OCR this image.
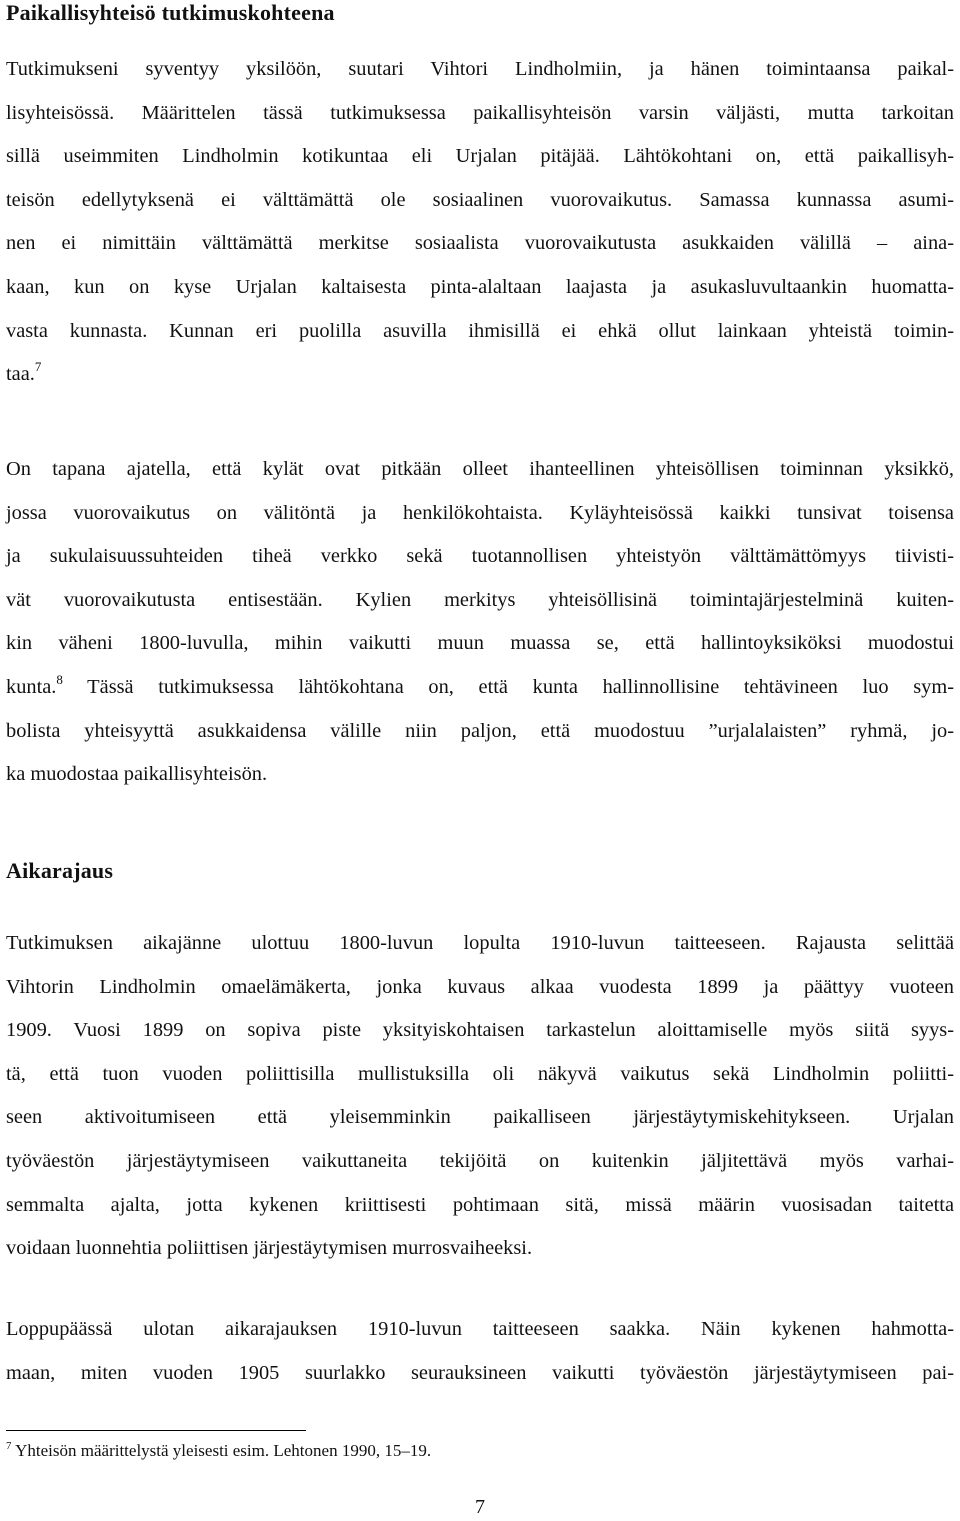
Paikallisyhteisö tutkimuskohteena
Tutkimukseni syventyy yksilöön, suutari Vihtori Lindholmiin, ja hänen toimintaansa paikal-
lisyhteisössä. Määrittelen tässä tutkimuksessa paikallisyhteisön varsin väljästi, mutta tarkoitan
sillä useimmiten Lindholmin kotikuntaa eli Urjalan pitäjää. Lähtökohtani on, että paikallisyh-
teisön edellytyksenä ei välttämättä ole sosiaalinen vuorovaikutus. Samassa kunnassa asumi-
nen ei nimittäin välttämättä merkitse sosiaalista vuorovaikutusta asukkaiden välillä – aina-
kaan, kun on kyse Urjalan kaltaisesta pinta-alaltaan laajasta ja asukasluvultaankin huomatta-
vasta kunnasta. Kunnan eri puolilla asuvilla ihmisillä ei ehkä ollut lainkaan yhteistä toimin-
taa.$^7$
On tapana ajatella, että kylät ovat pitkään olleet ihanteellinen yhteisöllisen toiminnan yksikkö,
jossa vuorovaikutus on välitöntä ja henkilökohtaista. Kyläyhteisössä kaikki tunsivat toisensa
ja sukulaisuussuhteiden tiheä verkko sekä tuotannollisen yhteistyön välttämättömyys tiivisti-
vät vuorovaikutusta entisestään. Kylien merkitys yhteisöllisinä toimintajärjestelminä kuiten-
kin väheni 1800-luvulla, mihin vaikutti muun muassa se, että hallintoyksiköksi muodostui
kunta.$^8$ Tässä tutkimuksessa lähtökohtana on, että kunta hallinnollisine tehtävineen luo sym-
bolista yhteisyyttä asukkaidensa välille niin paljon, että muodostuu ”urjalalaisten” ryhmä, jo-
ka muodostaa paikallisyhteisön.
Aikarajaus
Tutkimuksen aikajänne ulottuu 1800-luvun lopulta 1910-luvun taitteeseen. Rajausta selittää
Vihtorin Lindholmin omaelämäkerta, jonka kuvaus alkaa vuodesta 1899 ja päättyy vuoteen
1909. Vuosi 1899 on sopiva piste yksityiskohtaisen tarkastelun aloittamiselle myös siitä syys-
tä, että tuon vuoden poliittisilla mullistuksilla oli näkyvä vaikutus sekä Lindholmin poliitti-
seen aktivoitumiseen että yleisemminkin paikalliseen järjestäytymiskehitykseen. Urjalan
työväestön järjestäytymiseen vaikuttaneita tekijöitä on kuitenkin jäljitettävä myös varhai-
semmalta ajalta, jotta kykenen kriittisesti pohtimaan sitä, missä määrin vuosisadan taitetta
voidaan luonnehtia poliittisen järjestäytymisen murrosvaiheeksi.
Loppupäässä ulotan aikarajauksen 1910-luvun taitteeseen saakka. Näin kykenen hahmotta-
maan, miten vuoden 1905 suurlakko seurauksineen vaikutti työväestön järjestäytymiseen pai-
$^7$ Yhteisön määrittelystä yleisesti esim. Lehtonen 1990, 15–19.
7
